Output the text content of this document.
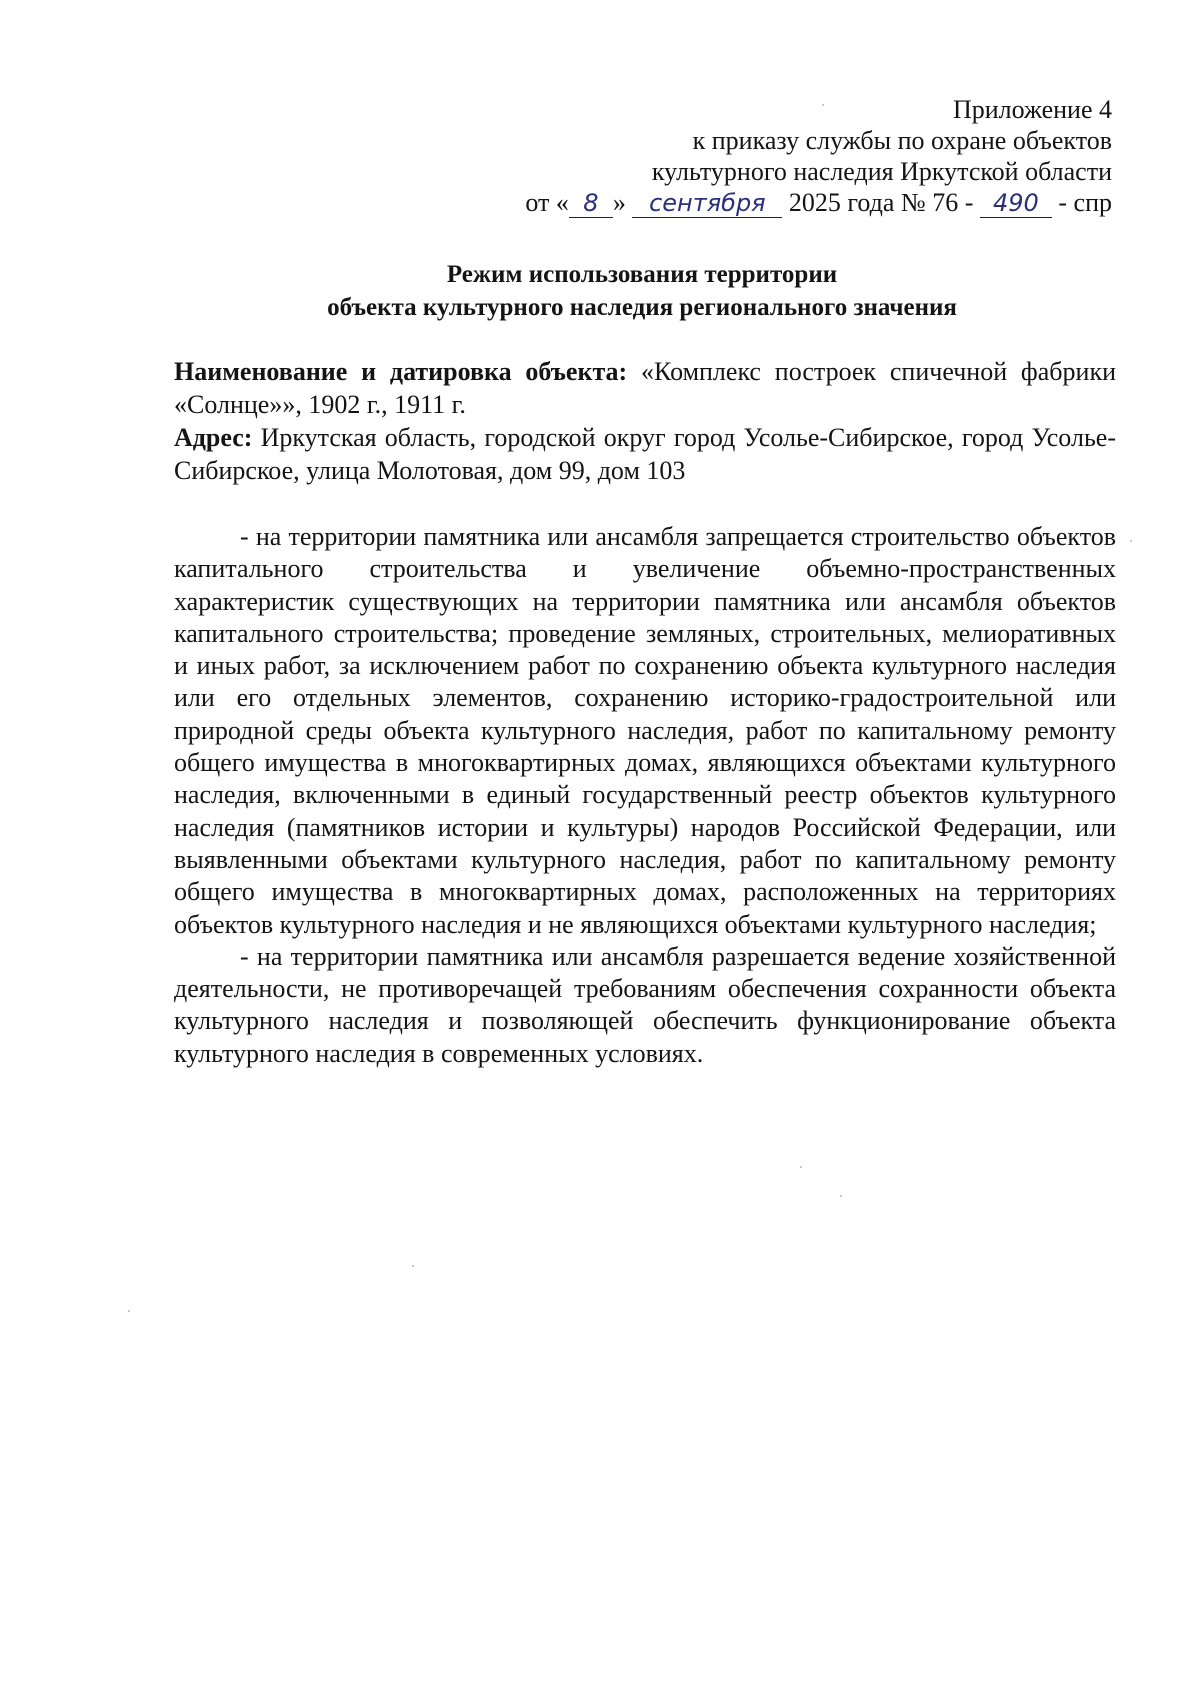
Приложение 4
к приказу службы по охране объектов
культурного наследия Иркутской области
от « 8 » сентября 2025 года № 76 - 490 - спр
Режим использования территории
объекта культурного наследия регионального значения
Наименование и датировка объекта: «Комплекс построек спичечной фабрики «Солнце»», 1902 г., 1911 г.
Адрес: Иркутская область, городской округ город Усолье-Сибирское, город Усолье-Сибирское, улица Молотовая, дом 99, дом 103

- на территории памятника или ансамбля запрещается строительство объектов капитального строительства и увеличение объемно-пространственных характеристик существующих на территории памятника или ансамбля объектов капитального строительства; проведение земляных, строительных, мелиоративных и иных работ, за исключением работ по сохранению объекта культурного наследия или его отдельных элементов, сохранению историко-градостроительной или природной среды объекта культурного наследия, работ по капитальному ремонту общего имущества в многоквартирных домах, являющихся объектами культурного наследия, включенными в единый государственный реестр объектов культурного наследия (памятников истории и культуры) народов Российской Федерации, или выявленными объектами культурного наследия, работ по капитальному ремонту общего имущества в многоквартирных домах, расположенных на территориях объектов культурного наследия и не являющихся объектами культурного наследия;

- на территории памятника или ансамбля разрешается ведение хозяйственной деятельности, не противоречащей требованиям обеспечения сохранности объекта культурного наследия и позволяющей обеспечить функционирование объекта культурного наследия в современных условиях.
